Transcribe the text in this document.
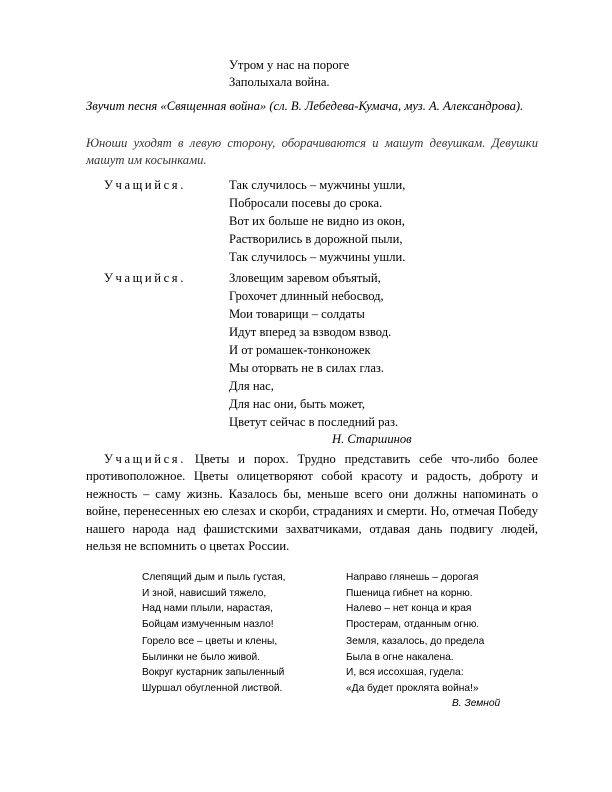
Утром у нас на пороге
Заполыхала война.
Звучит песня «Священная война» (сл. В. Лебедева-Кумача, муз. А. Александрова).
Юноши уходят в левую сторону, оборачиваются и машут девушкам. Девушки машут им косынками.
Учащийся.	Так случилось – мужчины ушли,
Побросали посевы до срока.
Вот их больше не видно из окон,
Растворились в дорожной пыли,
Так случилось – мужчины ушли.
Учащийся.	Зловещим заревом объятый,
Грохочет длинный небосвод,
Мои товарищи – солдаты
Идут вперед за взводом взвод.
И от ромашек-тонконожек
Мы оторвать не в силах глаз.
Для нас,
Для нас они, быть может,
Цветут сейчас в последний раз.
Н. Старшинов
Учащийся. Цветы и порох. Трудно представить себе что-либо более противоположное. Цветы олицетворяют собой красоту и радость, доброту и нежность – саму жизнь. Казалось бы, меньше всего они должны напоминать о войне, перенесенных ею слезах и скорби, страданиях и смерти. Но, отмечая Победу нашего народа над фашистскими захватчиками, отдавая дань подвигу людей, нельзя не вспомнить о цветах России.
Слепящий дым и пыль густая,
И зной, нависший тяжело,
Над нами плыли, нарастая,
Бойцам измученным назло!
Направо глянешь – дорогая
Пшеница гибнет на корню.
Налево – нет конца и края
Простерам, отданным огню.
Горело все – цветы и клены,
Былинки не было живой.
Вокруг кустарник запыленный
Шуршал обугленной листвой.
Земля, казалось, до предела
Была в огне накалена.
И, вся иссохшая, гудела:
«Да будет проклята война!»
В. Земной
